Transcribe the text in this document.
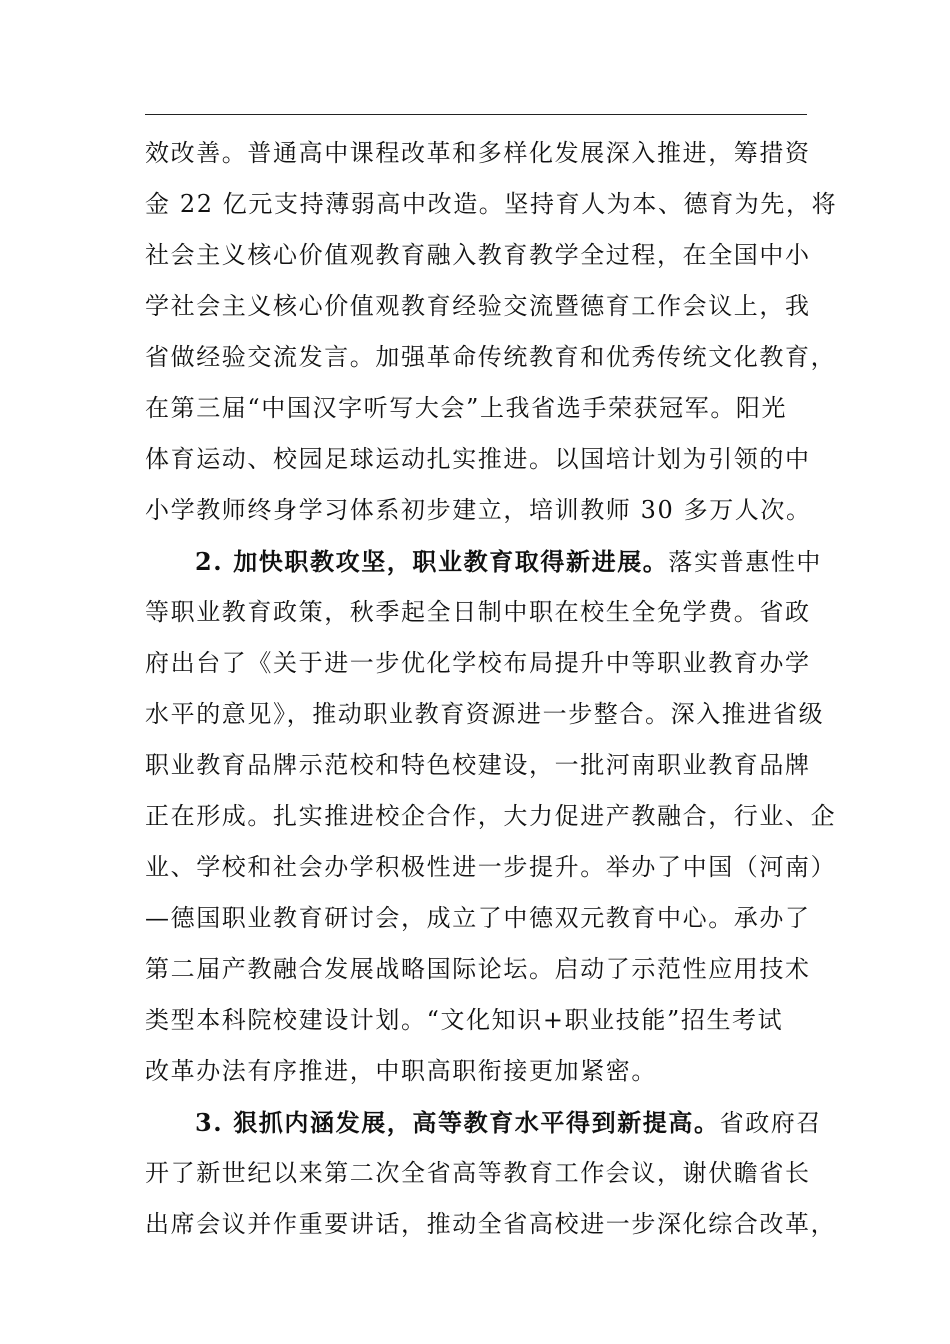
效改善。普通高中课程改革和多样化发展深入推进，筹措资
金 22 亿元支持薄弱高中改造。坚持育人为本、德育为先，将
社会主义核心价值观教育融入教育教学全过程，在全国中小
学社会主义核心价值观教育经验交流暨德育工作会议上，我
省做经验交流发言。加强革命传统教育和优秀传统文化教育，
在第三届“中国汉字听写大会”上我省选手荣获冠军。阳光
体育运动、校园足球运动扎实推进。以国培计划为引领的中
小学教师终身学习体系初步建立，培训教师 30 多万人次。
2. 加快职教攻坚，职业教育取得新进展。落实普惠性中
等职业教育政策，秋季起全日制中职在校生全免学费。省政
府出台了《关于进一步优化学校布局提升中等职业教育办学
水平的意见》，推动职业教育资源进一步整合。深入推进省级
职业教育品牌示范校和特色校建设，一批河南职业教育品牌
正在形成。扎实推进校企合作，大力促进产教融合，行业、企
业、学校和社会办学积极性进一步提升。举办了中国（河南）
—德国职业教育研讨会，成立了中德双元教育中心。承办了
第二届产教融合发展战略国际论坛。启动了示范性应用技术
类型本科院校建设计划。“文化知识+职业技能”招生考试
改革办法有序推进，中职高职衔接更加紧密。
3. 狠抓内涵发展，高等教育水平得到新提高。省政府召
开了新世纪以来第二次全省高等教育工作会议，谢伏瞻省长
出席会议并作重要讲话，推动全省高校进一步深化综合改革，
